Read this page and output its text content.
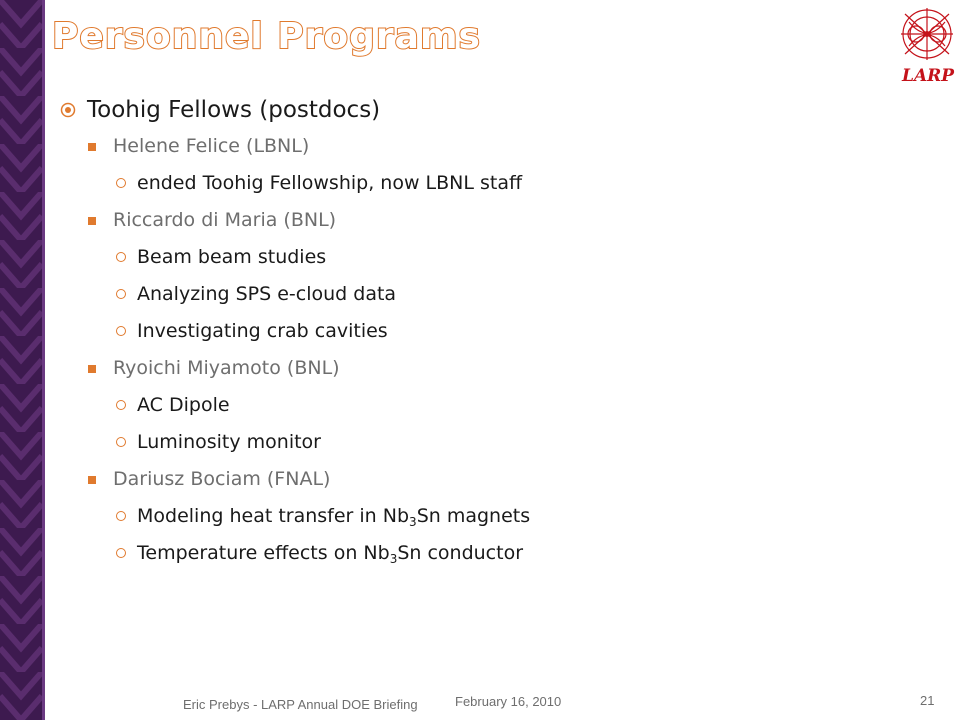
Personnel Programs
LARP
Toohig Fellows (postdocs)
Helene Felice (LBNL)
ended Toohig Fellowship, now LBNL staff
Riccardo di Maria (BNL)
Beam beam studies
Analyzing SPS e-cloud data
Investigating crab cavities
Ryoichi Miyamoto (BNL)
AC Dipole
Luminosity monitor
Dariusz Bociam (FNAL)
Modeling heat transfer in $Nb_3Sn$ magnets
Temperature effects on $Nb_3Sn$ conductor
Eric Prebys - LARP Annual DOE Briefing	February 16, 2010	21
